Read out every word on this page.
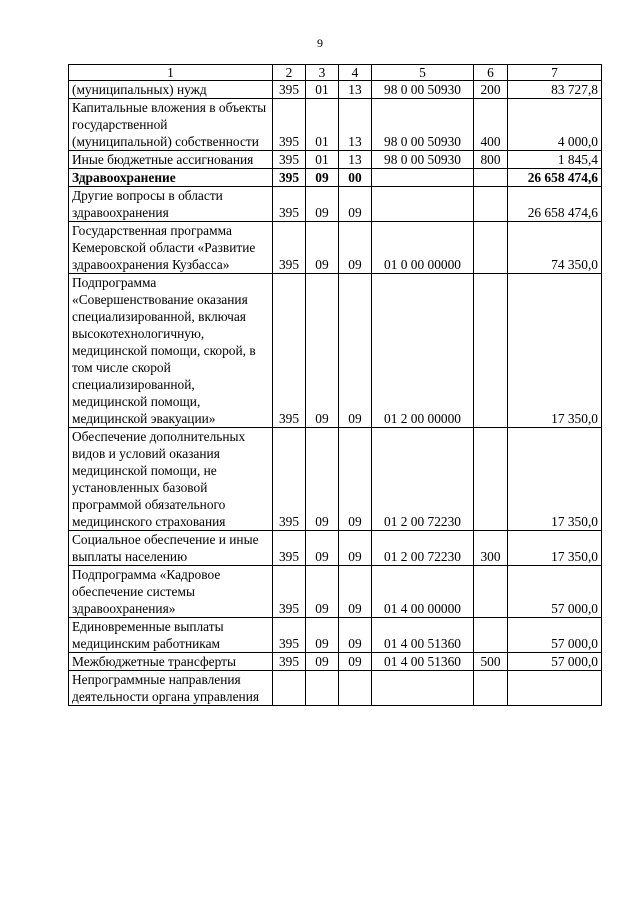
9
1	2	3	4	5	6	7
(муниципальных) нужд	395	01	13	98 0 00 50930	200	83 727,8
Капитальные вложения в объекты государственной (муниципальной) собственности	395	01	13	98 0 00 50930	400	4 000,0
Иные бюджетные ассигнования	395	01	13	98 0 00 50930	800	1 845,4
Здравоохранение	395	09	00			26 658 474,6
Другие вопросы в области здравоохранения	395	09	09			26 658 474,6
Государственная программа Кемеровской области «Развитие здравоохранения Кузбасса»	395	09	09	01 0 00 00000		74 350,0
Подпрограмма «Совершенствование оказания специализированной, включая высокотехнологичную, медицинской помощи, скорой, в том числе скорой специализированной, медицинской помощи, медицинской эвакуации»	395	09	09	01 2 00 00000		17 350,0
Обеспечение дополнительных видов и условий оказания медицинской помощи, не установленных базовой программой обязательного медицинского страхования	395	09	09	01 2 00 72230		17 350,0
Социальное обеспечение и иные выплаты населению	395	09	09	01 2 00 72230	300	17 350,0
Подпрограмма «Кадровое обеспечение системы здравоохранения»	395	09	09	01 4 00 00000		57 000,0
Единовременные выплаты медицинским работникам	395	09	09	01 4 00 51360		57 000,0
Межбюджетные трансферты	395	09	09	01 4 00 51360	500	57 000,0
Непрограммные направления деятельности органа управления						
